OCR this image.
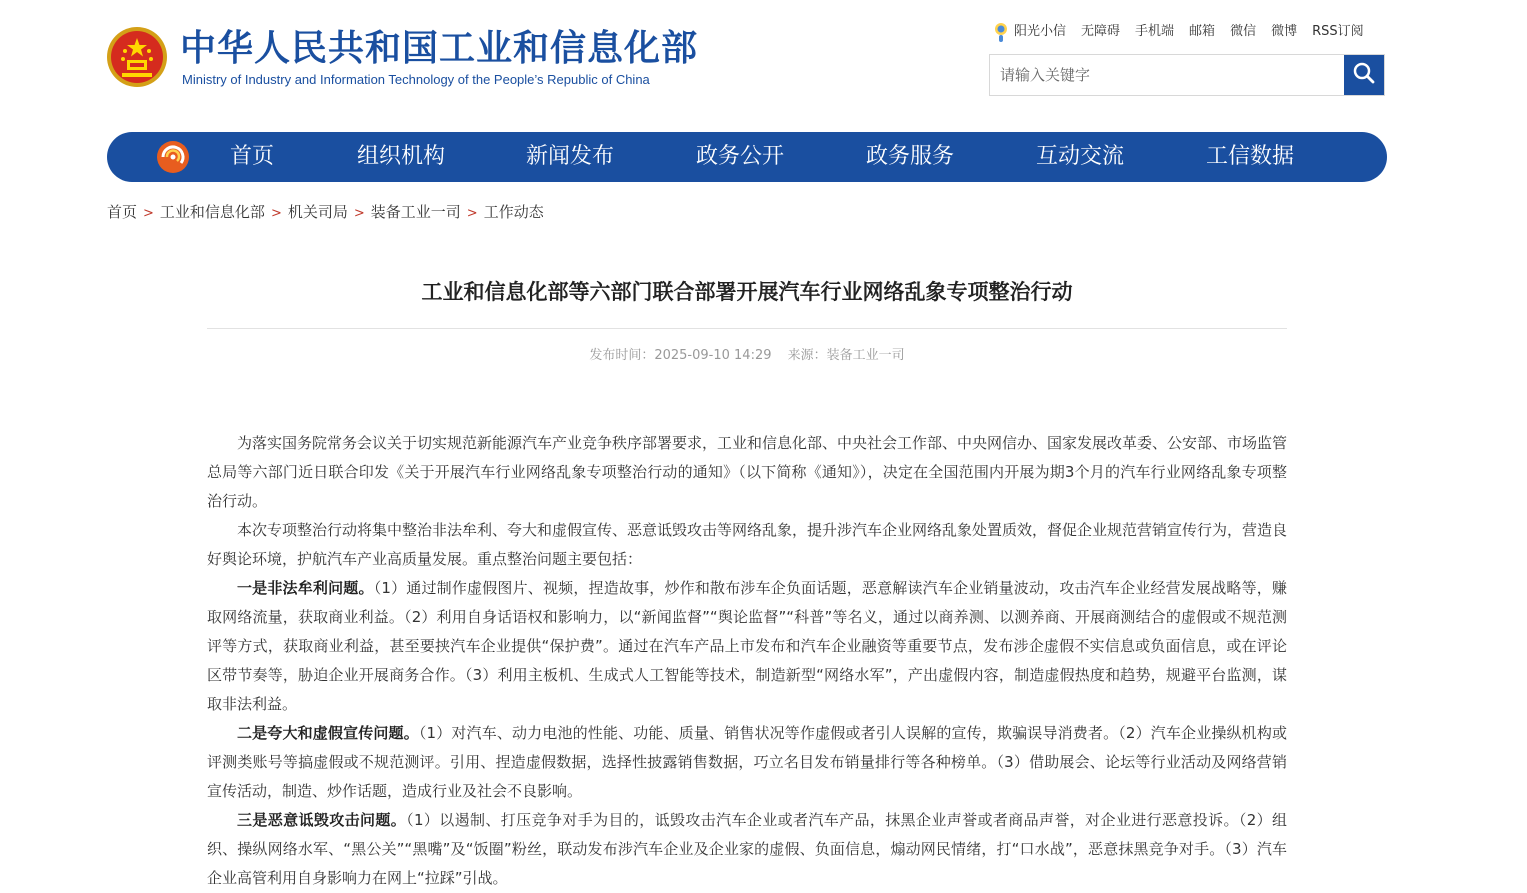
中华人民共和国工业和信息化部
Ministry of Industry and Information Technology of the People’s Republic of China
阳光小信 无障碍 手机端 邮箱 微信 微博 RSS订阅
请输入关键字
首页	组织机构	新闻发布	政务公开	政务服务	互动交流	工信数据
首页 > 工业和信息化部 > 机关司局 > 装备工业一司 > 工作动态
工业和信息化部等六部门联合部署开展汽车行业网络乱象专项整治行动
发布时间：2025-09-10 14:29 来源：装备工业一司

为落实国务院常务会议关于切实规范新能源汽车产业竞争秩序部署要求，工业和信息化部、中央社会工作部、中央网信办、国家发展改革委、公安部、市场监管总局等六部门近日联合印发《关于开展汽车行业网络乱象专项整治行动的通知》（以下简称《通知》），决定在全国范围内开展为期3个月的汽车行业网络乱象专项整治行动。

本次专项整治行动将集中整治非法牟利、夸大和虚假宣传、恶意诋毁攻击等网络乱象，提升涉汽车企业网络乱象处置质效，督促企业规范营销宣传行为，营造良好舆论环境，护航汽车产业高质量发展。重点整治问题主要包括：

一是非法牟利问题。（1）通过制作虚假图片、视频，捏造故事，炒作和散布涉车企负面话题，恶意解读汽车企业销量波动，攻击汽车企业经营发展战略等，赚取网络流量，获取商业利益。（2）利用自身话语权和影响力，以“新闻监督”“舆论监督”“科普”等名义，通过以商养测、以测养商、开展商测结合的虚假或不规范测评等方式，获取商业利益，甚至要挟汽车企业提供“保护费”。通过在汽车产品上市发布和汽车企业融资等重要节点，发布涉企虚假不实信息或负面信息，或在评论区带节奏等，胁迫企业开展商务合作。（3）利用主板机、生成式人工智能等技术，制造新型“网络水军”，产出虚假内容，制造虚假热度和趋势，规避平台监测，谋取非法利益。

二是夸大和虚假宣传问题。（1）对汽车、动力电池的性能、功能、质量、销售状况等作虚假或者引人误解的宣传，欺骗误导消费者。（2）汽车企业操纵机构或评测类账号等搞虚假或不规范测评。引用、捏造虚假数据，选择性披露销售数据，巧立名目发布销量排行等各种榜单。（3）借助展会、论坛等行业活动及网络营销宣传活动，制造、炒作话题，造成行业及社会不良影响。

三是恶意诋毁攻击问题。（1）以遏制、打压竞争对手为目的，诋毁攻击汽车企业或者汽车产品，抹黑企业声誉或者商品声誉，对企业进行恶意投诉。（2）组织、操纵网络水军、“黑公关”“黑嘴”及“饭圈”粉丝，联动发布涉汽车企业及企业家的虚假、负面信息，煽动网民情绪，打“口水战”，恶意抹黑竞争对手。（3）汽车企业高管利用自身影响力在网上“拉踩”引战。
